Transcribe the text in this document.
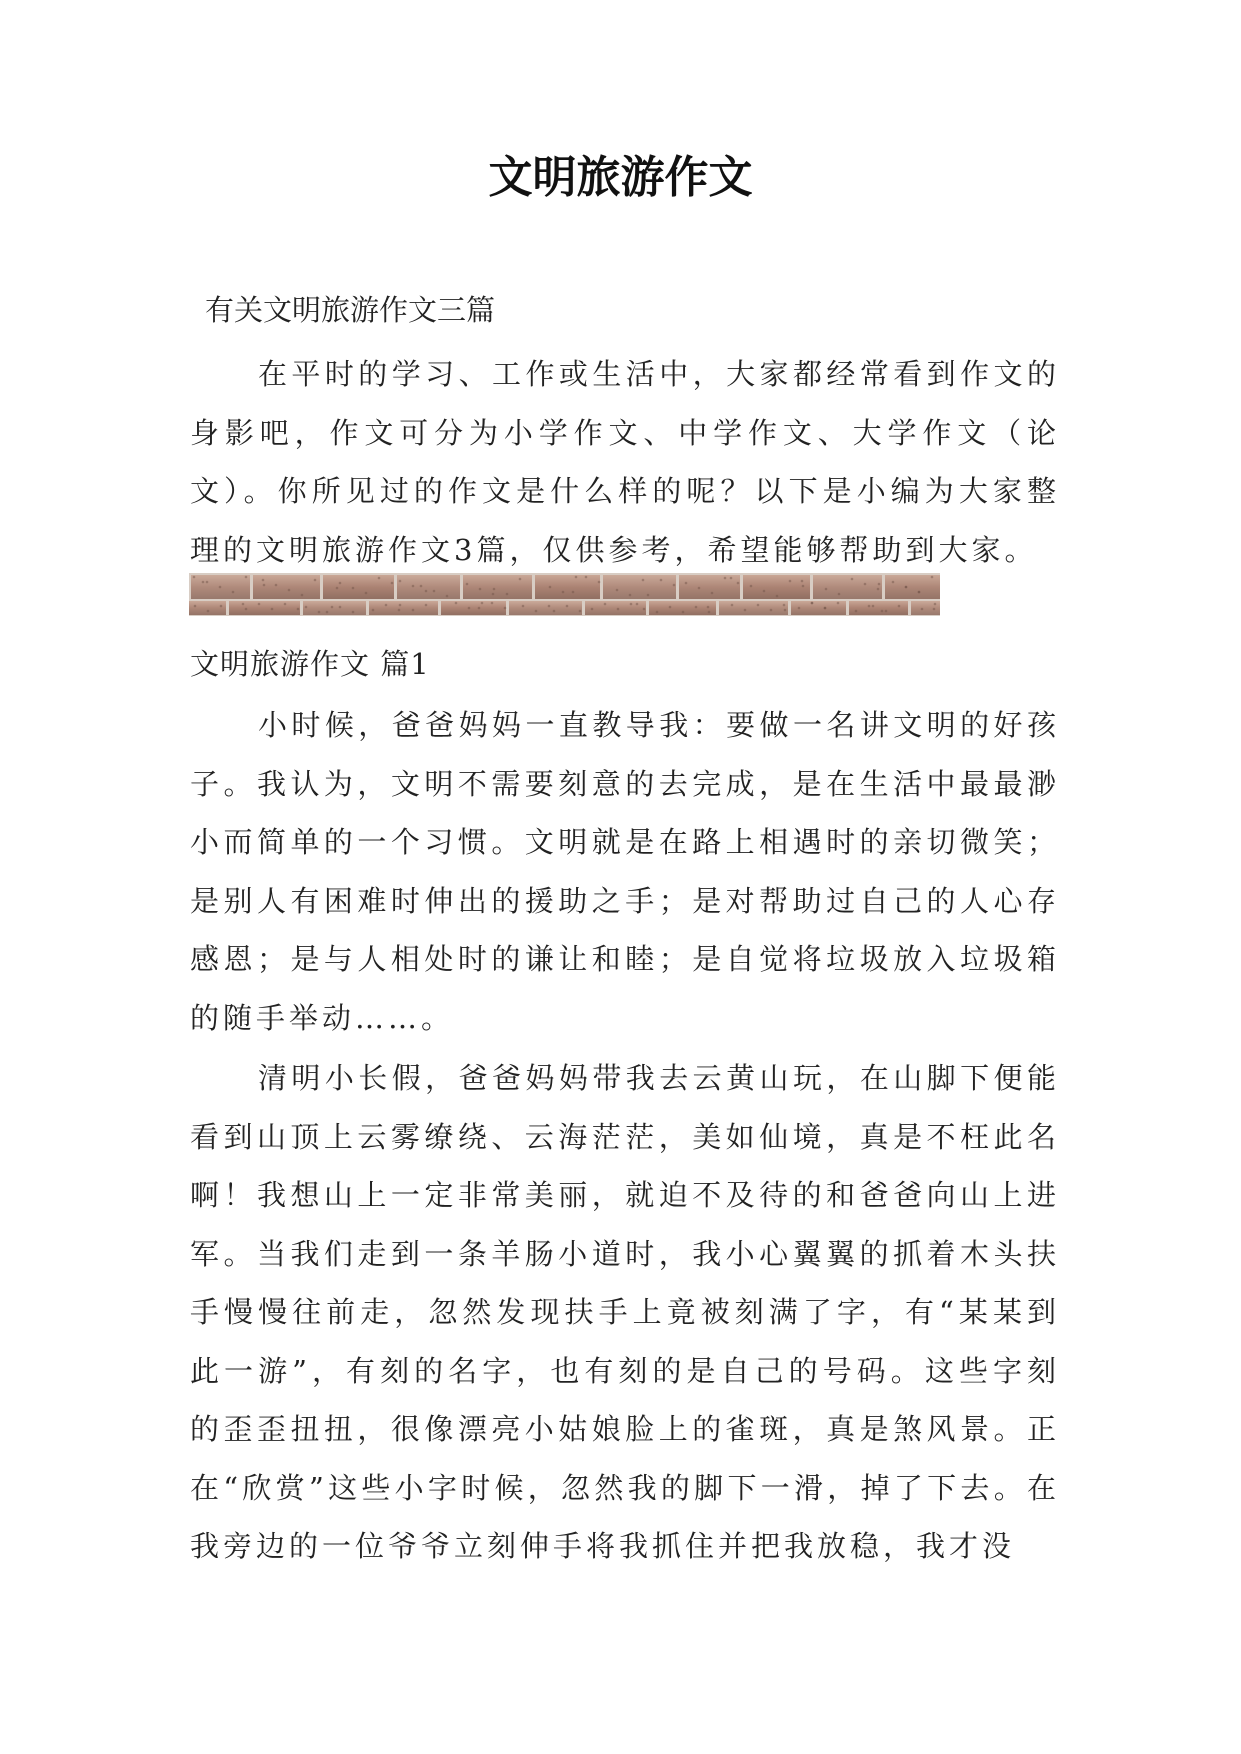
文明旅游作文

有关文明旅游作文三篇

在平时的学习、工作或生活中，大家都经常看到作文的身影吧，作文可分为小学作文、中学作文、大学作文（论文）。你所见过的作文是什么样的呢？以下是小编为大家整理的文明旅游作文3篇，仅供参考，希望能够帮助到大家。

文明旅游作文 篇1

小时候，爸爸妈妈一直教导我：要做一名讲文明的好孩子。我认为，文明不需要刻意的去完成，是在生活中最最渺小而简单的一个习惯。文明就是在路上相遇时的亲切微笑；是别人有困难时伸出的援助之手；是对帮助过自己的人心存感恩；是与人相处时的谦让和睦；是自觉将垃圾放入垃圾箱的随手举动……。

清明小长假，爸爸妈妈带我去云黄山玩，在山脚下便能看到山顶上云雾缭绕、云海茫茫，美如仙境，真是不枉此名啊！我想山上一定非常美丽，就迫不及待的和爸爸向山上进军。当我们走到一条羊肠小道时，我小心翼翼的抓着木头扶手慢慢往前走，忽然发现扶手上竟被刻满了字，有“某某到此一游”，有刻的名字，也有刻的是自己的号码。这些字刻的歪歪扭扭，很像漂亮小姑娘脸上的雀斑，真是煞风景。正在“欣赏”这些小字时候，忽然我的脚下一滑，掉了下去。在我旁边的一位爷爷立刻伸手将我抓住并把我放稳，我才没
